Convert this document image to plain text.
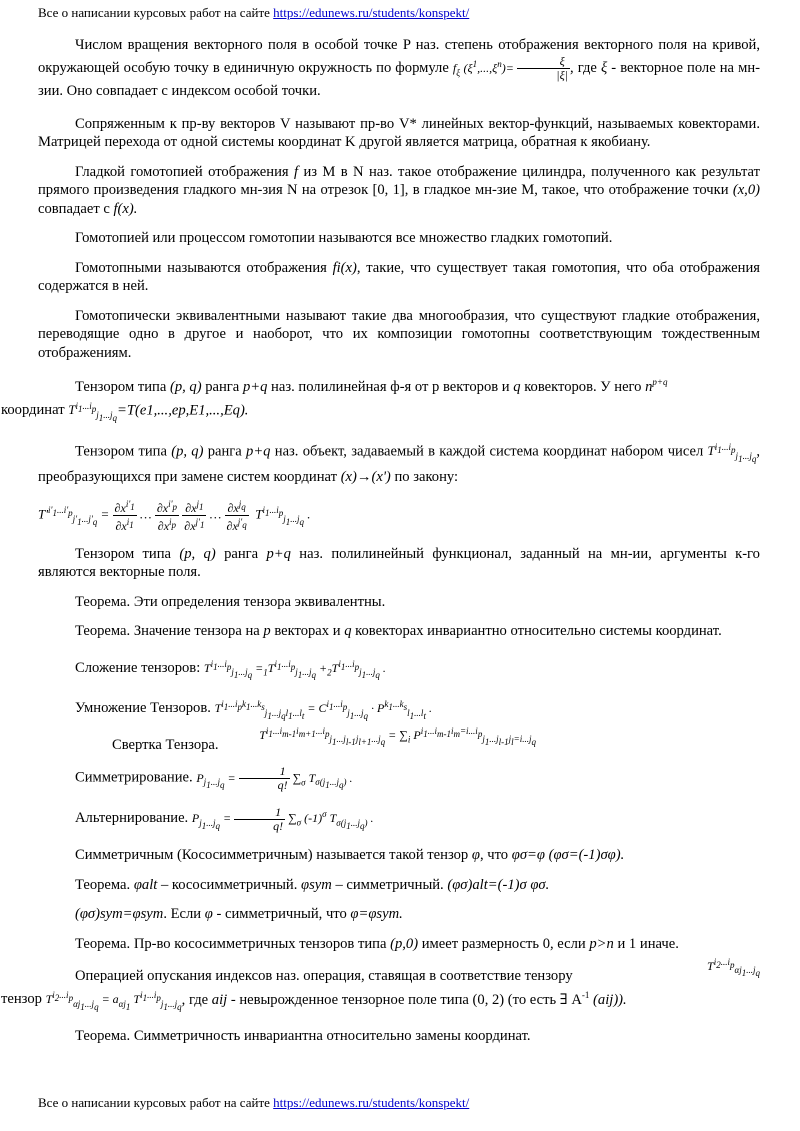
Все о написании курсовых работ на сайте https://edunews.ru/students/konspekt/

Числом вращения векторного поля в особой точке P наз. степень отображения векторного поля на кривой, окружающей особую точку в единичную окружность по формуле $f_\xi$ $(\xi^1,...,\xi^n)= \frac{\xi}{|\xi|}$ , где ξ - векторное поле на мн-зии. Оно совпадает с индексом особой точки.

Сопряженным к пр-ву векторов V называют пр-во V* линейных вектор-функций, называемых ковекторами. Матрицей перехода от одной системы координат K другой является матрица, обратная к якобиану.

Гладкой гомотопией отображения f из M в N наз. такое отображение цилиндра, полученного как результат прямого произведения гладкого мн-зия N на отрезок [0, 1], в гладкое мн-зие M, такое, что отображение точки (x,0) совпадает с f(x).

Гомотопией или процессом гомотопии называются все множество гладких гомотопий.

Гомотопными называются отображения fi(x), такие, что существует такая гомотопия, что оба отображения содержатся в ней.

Гомотопически эквивалентными называют такие два многообразия, что существуют гладкие отображения, переводящие одно в другое и наоборот, что их композиции гомотопны соответствующим тождественным отображениям.

Тензором типа (p, q) ранга p+q наз. полилинейная ф-я от p векторов и q ковекторов. У него $n^{p+q}$
координат $T^{i_1...i_p}_{j_1...j_q}=T(e1,...,ep,E1,...,Eq)$.

Тензором типа (p, q) ранга p+q наз. объект, задаваемый в каждой система координат набором чисел $T^{i_1...i_p}_{j_1...j_q}$, преобразующихся при замене систем координат (x)→(x') по закону:

$T'^{i'_1...i'_p}_{j'_1...j'_q} = \frac{\partial x^{i'_1}}{\partial x^{i_1}}$ … $\frac{\partial x^{i'_p}}{\partial x^{i_p}}$
$\frac{\partial x^{j_1}}{\partial x^{j'_1}}$ … $\frac{\partial x^{j_q}}{\partial x^{j'_q}} T^{i_1...i_p}_{j_1...j_q}$ .

Тензором типа (p, q) ранга p+q наз. полилинейный функционал, заданный на мн-ии, аргументы к-го являются векторные поля.

Теорема. Эти определения тензора эквивалентны.

Теорема. Значение тензора на p векторах и q ковекторах инвариантно относительно системы координат.

Сложение тензоров: $T^{i_1...i_p}_{j_1...j_q} =_1T^{i_1...i_p}_{j_1...j_q} +_2T^{i_1...i_p}_{j_1...j_q}$ .

Умножение Тензоров. $T^{i_1...i_pk_1...k_s}_{j_1...j_ql_1...l_t} = C^{i_1...i_p}_{j_1...j_q} \cdot P^{k_1...k_s}_{l_1...l_t}$ .

Свертка Тензора. $T^{i_1...i_{m-1}i_{m+1}...i_p}_{j_1...j_{l-1}j_{l+1}...j_q} = \sum_i$ $P^{i_1...i_{m-1}i_m=i...i_p}_{j_1...j_{l-1}j_l=i...j_q}$

Симметрирование. $P_{j_1...j_q} = \frac{1}{q!} \sum_\sigma$ $T_{\sigma(j_1...j_q)}$ .

Альтернирование. $P_{j_1...j_q} = \frac{1}{q!} \sum_\sigma$ $(-1)^\sigma$ $T_{\sigma(j_1...j_q)}$ .

Симметричным (Кососимметричным) называется такой тензор φ, что φσ=φ (φσ=(-1)σφ).

Теорема. φalt – кососимметричный. φsym – симметричный. (φσ)alt=(-1)σ φσ.

(φσ)sym=φsym. Если φ - симметричный, что φ=φsym.

Теорема. Пр-во кососимметричных тензоров типа (p,0) имеет размерность 0, если p>n и 1 иначе.

Операцией опускания индексов наз. операция, ставящая в соответствие тензору
$T^{i_2...i_p}_{\alpha j_1...j_q}$

тензор $T^{i_2...i_p}_{\alpha j_1...j_q} = a_{\alpha j_1}$ $T^{i_1...i_p}_{j_1...j_q}$, где aij - невырожденное тензорное поле типа (0, 2) (то есть ∃ $A^{-1}$ (aij)).

Теорема. Симметричность инвариантна относительно замены координат.

Все о написании курсовых работ на сайте https://edunews.ru/students/konspekt/
